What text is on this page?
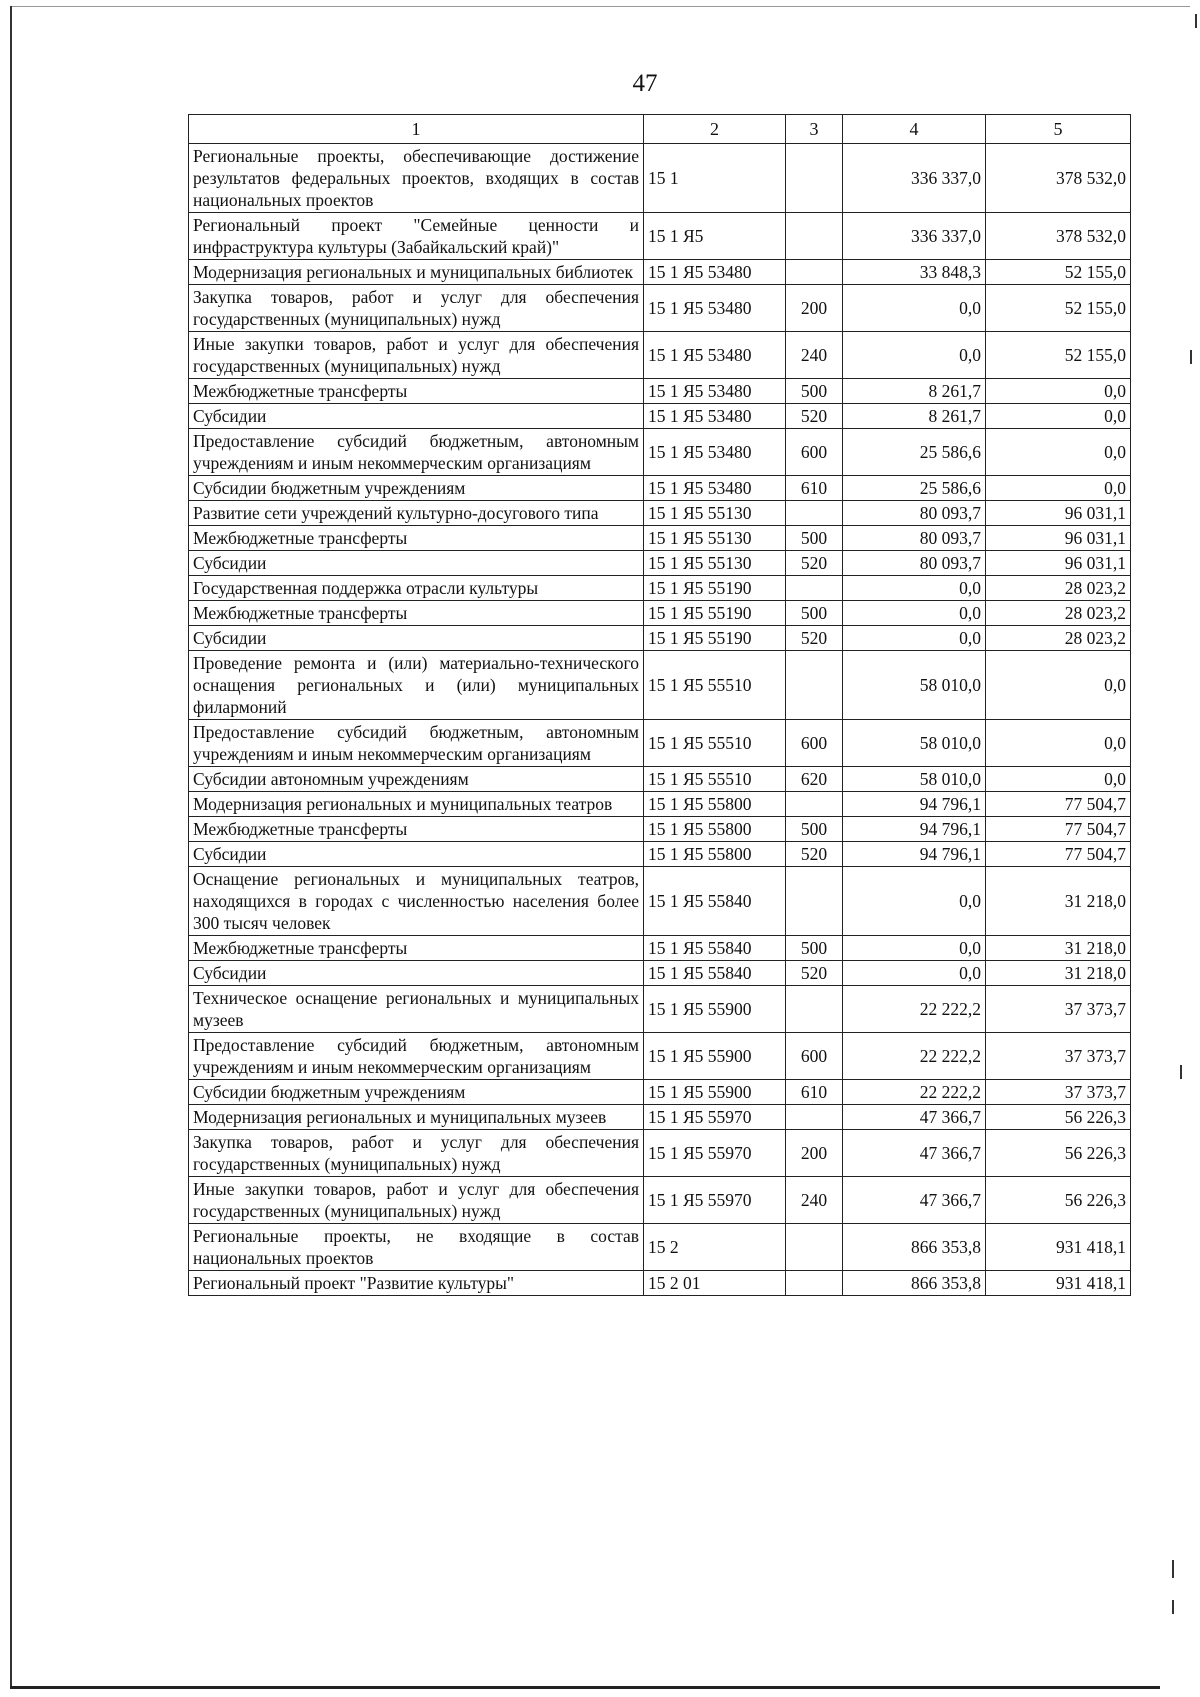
47
1	2	3	4	5
Региональные проекты, обеспечивающие достижение результатов федеральных проектов, входящих в состав национальных проектов	15 1		336 337,0	378 532,0
Региональный проект "Семейные ценности и инфраструктура культуры (Забайкальский край)"	15 1 Я5		336 337,0	378 532,0
Модернизация региональных и муниципальных библиотек	15 1 Я5 53480		33 848,3	52 155,0
Закупка товаров, работ и услуг для обеспечения государственных (муниципальных) нужд	15 1 Я5 53480	200	0,0	52 155,0
Иные закупки товаров, работ и услуг для обеспечения государственных (муниципальных) нужд	15 1 Я5 53480	240	0,0	52 155,0
Межбюджетные трансферты	15 1 Я5 53480	500	8 261,7	0,0
Субсидии	15 1 Я5 53480	520	8 261,7	0,0
Предоставление субсидий бюджетным, автономным учреждениям и иным некоммерческим организациям	15 1 Я5 53480	600	25 586,6	0,0
Субсидии бюджетным учреждениям	15 1 Я5 53480	610	25 586,6	0,0
Развитие сети учреждений культурно-досугового типа	15 1 Я5 55130		80 093,7	96 031,1
Межбюджетные трансферты	15 1 Я5 55130	500	80 093,7	96 031,1
Субсидии	15 1 Я5 55130	520	80 093,7	96 031,1
Государственная поддержка отрасли культуры	15 1 Я5 55190		0,0	28 023,2
Межбюджетные трансферты	15 1 Я5 55190	500	0,0	28 023,2
Субсидии	15 1 Я5 55190	520	0,0	28 023,2
Проведение ремонта и (или) материально-технического оснащения региональных и (или) муниципальных филармоний	15 1 Я5 55510		58 010,0	0,0
Предоставление субсидий бюджетным, автономным учреждениям и иным некоммерческим организациям	15 1 Я5 55510	600	58 010,0	0,0
Субсидии автономным учреждениям	15 1 Я5 55510	620	58 010,0	0,0
Модернизация региональных и муниципальных театров	15 1 Я5 55800		94 796,1	77 504,7
Межбюджетные трансферты	15 1 Я5 55800	500	94 796,1	77 504,7
Субсидии	15 1 Я5 55800	520	94 796,1	77 504,7
Оснащение региональных и муниципальных театров, находящихся в городах с численностью населения более 300 тысяч человек	15 1 Я5 55840		0,0	31 218,0
Межбюджетные трансферты	15 1 Я5 55840	500	0,0	31 218,0
Субсидии	15 1 Я5 55840	520	0,0	31 218,0
Техническое оснащение региональных и муниципальных музеев	15 1 Я5 55900		22 222,2	37 373,7
Предоставление субсидий бюджетным, автономным учреждениям и иным некоммерческим организациям	15 1 Я5 55900	600	22 222,2	37 373,7
Субсидии бюджетным учреждениям	15 1 Я5 55900	610	22 222,2	37 373,7
Модернизация региональных и муниципальных музеев	15 1 Я5 55970		47 366,7	56 226,3
Закупка товаров, работ и услуг для обеспечения государственных (муниципальных) нужд	15 1 Я5 55970	200	47 366,7	56 226,3
Иные закупки товаров, работ и услуг для обеспечения государственных (муниципальных) нужд	15 1 Я5 55970	240	47 366,7	56 226,3
Региональные проекты, не входящие в состав национальных проектов	15 2		866 353,8	931 418,1
Региональный проект "Развитие культуры"	15 2 01		866 353,8	931 418,1
